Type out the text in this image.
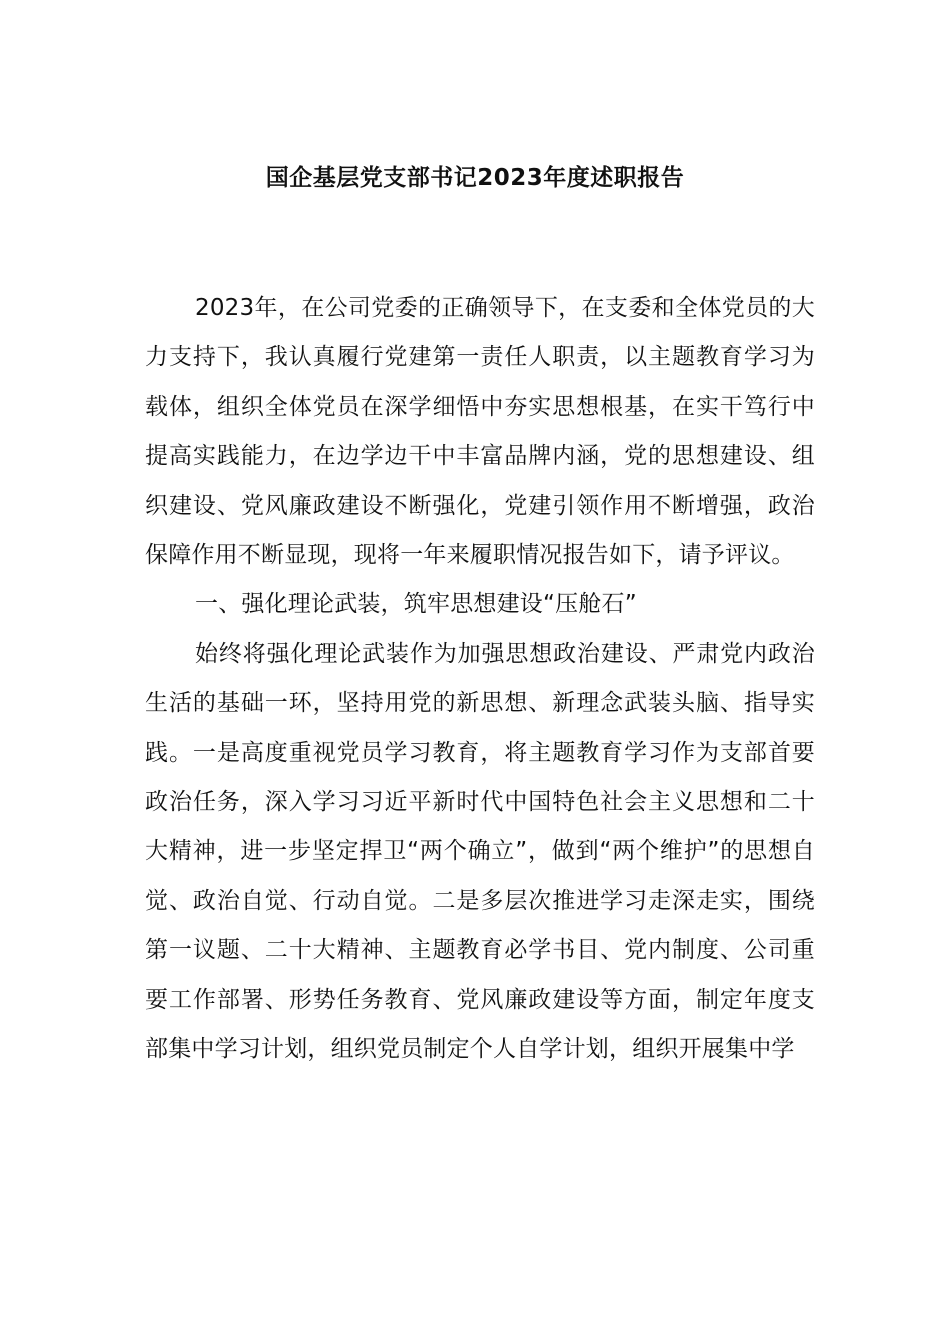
国企基层党支部书记2023年度述职报告

2023年，在公司党委的正确领导下，在支委和全体党员的大力支持下，我认真履行党建第一责任人职责，以主题教育学习为载体，组织全体党员在深学细悟中夯实思想根基，在实干笃行中提高实践能力，在边学边干中丰富品牌内涵，党的思想建设、组织建设、党风廉政建设不断强化，党建引领作用不断增强，政治保障作用不断显现，现将一年来履职情况报告如下，请予评议。

一、强化理论武装，筑牢思想建设“压舱石”

始终将强化理论武装作为加强思想政治建设、严肃党内政治生活的基础一环，坚持用党的新思想、新理念武装头脑、指导实践。一是高度重视党员学习教育，将主题教育学习作为支部首要政治任务，深入学习习近平新时代中国特色社会主义思想和二十大精神，进一步坚定捍卫“两个确立”，做到“两个维护”的思想自觉、政治自觉、行动自觉。二是多层次推进学习走深走实，围绕第一议题、二十大精神、主题教育必学书目、党内制度、公司重要工作部署、形势任务教育、党风廉政建设等方面，制定年度支部集中学习计划，组织党员制定个人自学计划，组织开展集中学
